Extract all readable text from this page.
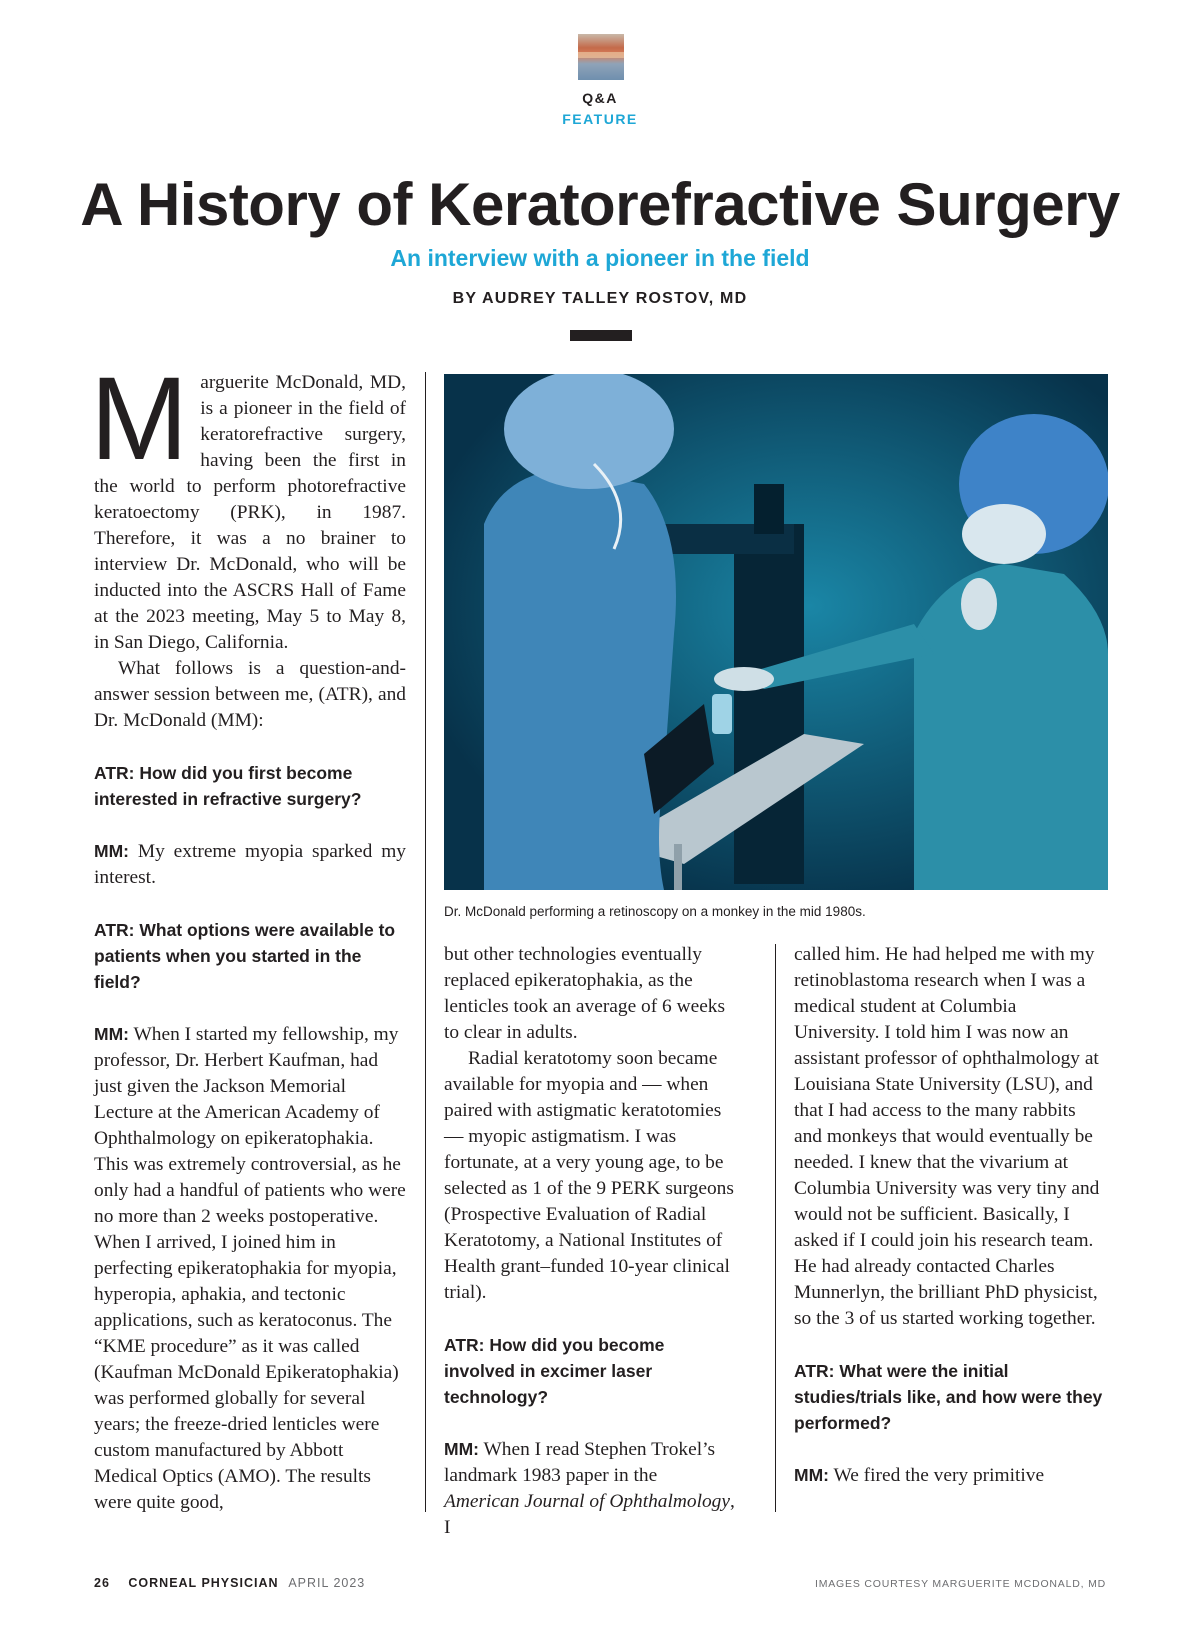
Q&A
FEATURE
A History of Keratorefractive Surgery
An interview with a pioneer in the field
BY AUDREY TALLEY ROSTOV, MD

Marguerite McDonald, MD, is a pioneer in the field of keratorefractive surgery, having been the first in the world to perform photorefractive keratoectomy (PRK), in 1987. Therefore, it was a no brainer to interview Dr. McDonald, who will be inducted into the ASCRS Hall of Fame at the 2023 meeting, May 5 to May 8, in San Diego, California.

What follows is a question-and-answer session between me, (ATR), and Dr. McDonald (MM):

ATR: How did you first become interested in refractive surgery?

MM: My extreme myopia sparked my interest.

ATR: What options were available to patients when you started in the field?

MM: When I started my fellowship, my professor, Dr. Herbert Kaufman, had just given the Jackson Memorial Lecture at the American Academy of Ophthalmology on epikeratophakia. This was extremely controversial, as he only had a handful of patients who were no more than 2 weeks postoperative. When I arrived, I joined him in perfecting epikeratophakia for myopia, hyperopia, aphakia, and tectonic applications, such as keratoconus. The “KME procedure” as it was called (Kaufman McDonald Epikeratophakia) was performed globally for several years; the freeze-dried lenticles were custom manufactured by Abbott Medical Optics (AMO). The results were quite good,

Dr. McDonald performing a retinoscopy on a monkey in the mid 1980s.

but other technologies eventually replaced epikeratophakia, as the lenticles took an average of 6 weeks to clear in adults.

Radial keratotomy soon became available for myopia and — when paired with astigmatic keratotomies — myopic astigmatism. I was fortunate, at a very young age, to be selected as 1 of the 9 PERK surgeons (Prospective Evaluation of Radial Keratotomy, a National Institutes of Health grant–funded 10-year clinical trial).

ATR: How did you become involved in excimer laser technology?

MM: When I read Stephen Trokel’s landmark 1983 paper in the American Journal of Ophthalmology, I

called him. He had helped me with my retinoblastoma research when I was a medical student at Columbia University. I told him I was now an assistant professor of ophthalmology at Louisiana State University (LSU), and that I had access to the many rabbits and monkeys that would eventually be needed. I knew that the vivarium at Columbia University was very tiny and would not be sufficient. Basically, I asked if I could join his research team. He had already contacted Charles Munnerlyn, the brilliant PhD physicist, so the 3 of us started working together.

ATR: What were the initial studies/trials like, and how were they performed?

MM: We fired the very primitive

26 CORNEAL PHYSICIAN APRIL 2023	IMAGES COURTESY MARGUERITE MCDONALD, MD
